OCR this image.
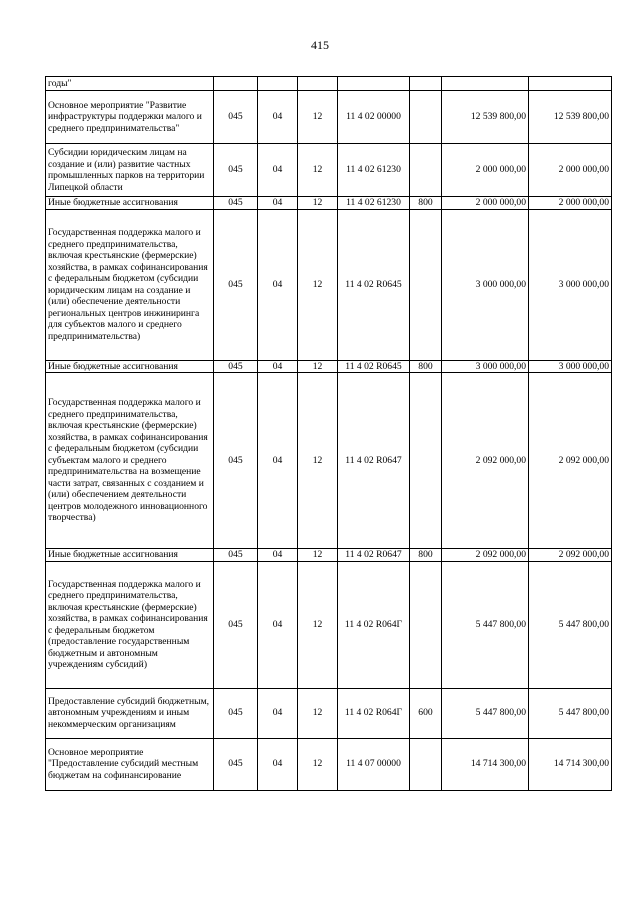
415
годы"							
Основное мероприятие "Развитие инфраструктуры поддержки малого и среднего предпринимательства"	045	04	12	11 4 02 00000		12 539 800,00	12 539 800,00
Субсидии юридическим лицам на создание и (или) развитие частных промышленных парков на территории Липецкой области	045	04	12	11 4 02 61230		2 000 000,00	2 000 000,00
Иные бюджетные ассигнования	045	04	12	11 4 02 61230	800	2 000 000,00	2 000 000,00
Государственная поддержка малого и среднего предпринимательства, включая крестьянские (фермерские) хозяйства, в рамках софинансирования с федеральным бюджетом (субсидии юридическим лицам на создание и (или) обеспечение деятельности региональных центров инжиниринга для субъектов малого и среднего предпринимательства)	045	04	12	11 4 02 R0645		3 000 000,00	3 000 000,00
Иные бюджетные ассигнования	045	04	12	11 4 02 R0645	800	3 000 000,00	3 000 000,00
Государственная поддержка малого и среднего предпринимательства, включая крестьянские (фермерские) хозяйства, в рамках софинансирования с федеральным бюджетом (субсидии субъектам малого и среднего предпринимательства на возмещение части затрат, связанных с созданием и (или) обеспечением деятельности центров молодежного инновационного творчества)	045	04	12	11 4 02 R0647		2 092 000,00	2 092 000,00
Иные бюджетные ассигнования	045	04	12	11 4 02 R0647	800	2 092 000,00	2 092 000,00
Государственная поддержка малого и среднего предпринимательства, включая крестьянские (фермерские) хозяйства, в рамках софинансирования с федеральным бюджетом (предоставление государственным бюджетным и автономным учреждениям субсидий)	045	04	12	11 4 02 R064Г		5 447 800,00	5 447 800,00
Предоставление субсидий бюджетным, автономным учреждениям и иным некоммерческим организациям	045	04	12	11 4 02 R064Г	600	5 447 800,00	5 447 800,00
Основное мероприятие "Предоставление субсидий местным бюджетам на софинансирование	045	04	12	11 4 07 00000		14 714 300,00	14 714 300,00
